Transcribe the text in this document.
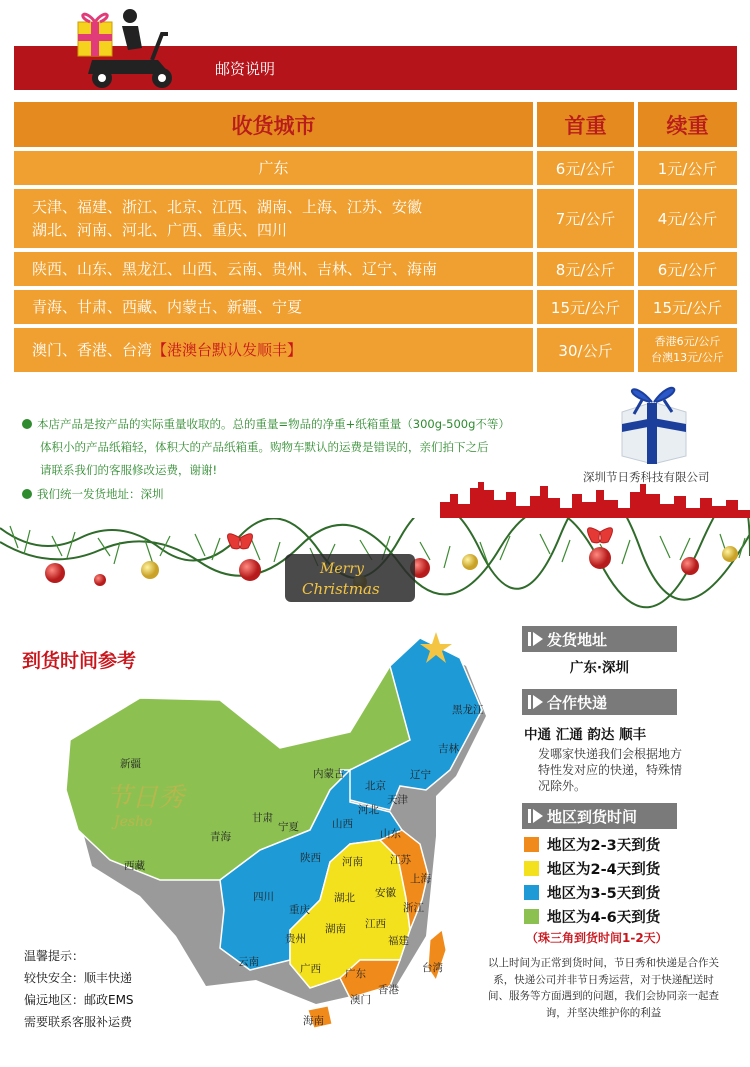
邮资说明
收货城市	首重	续重
广东	6元/公斤	1元/公斤
天津、福建、浙江、北京、江西、湖南、上海、江苏、安徽
湖北、河南、河北、广西、重庆、四川
7元/公斤	4元/公斤
陕西、山东、黑龙江、山西、云南、贵州、吉林、辽宁、海南	8元/公斤	6元/公斤
青海、甘肃、西藏、内蒙古、新疆、宁夏	15元/公斤	15元/公斤
澳门、香港、台湾 【港澳台默认发顺丰】	30/公斤	香港6元/公斤
台澳13元/公斤
本店产品是按产品的实际重量收取的。总的重量=物品的净重+纸箱重量（300g-500g不等）
体积小的产品纸箱轻，体积大的产品纸箱重。购物车默认的运费是错误的，亲们拍下之后
请联系我们的客服修改运费，谢谢!
我们统一发货地址：深圳
深圳节日秀科技有限公司
Merry
Christmas
到货时间参考
节日秀
Jesho
黑龙江
吉林
辽宁
内蒙古
北京
天津
河北
山西
山东
新疆
甘肃
宁夏
青海
西藏
陕西 河南	江苏
上海
安徽
湖北
四川
重庆	浙江
湖南 江西
贵州	福建
云南
广西 广东	台湾
澳门
香港
海南
发货地址
广东·深圳
合作快递
中通 汇通 韵达 顺丰
发哪家快递我们会根据地方特性发对应的快递，特殊情况除外。
地区到货时间
地区为2-3天到货
地区为2-4天到货
地区为3-5天到货
地区为4-6天到货
（珠三角到货时间1-2天）
温馨提示：
较快安全：顺丰快递
偏远地区：邮政EMS
需要联系客服补运费
以上时间为正常到货时间，节日秀和快递是合作关系，快递公司并非节日秀运营，对于快递配送时间、服务等方面遇到的问题，我们会协同亲一起查询，并坚决维护你的利益
